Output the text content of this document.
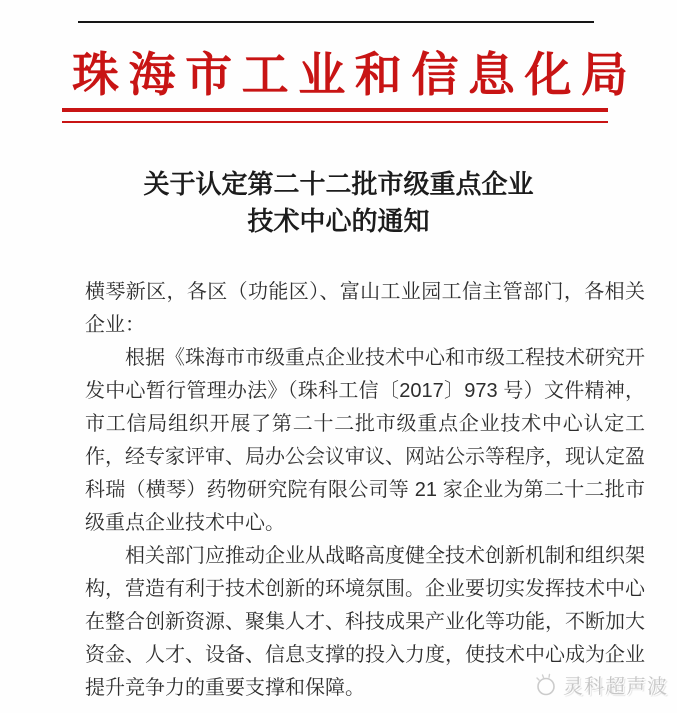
珠海市工业和信息化局
关于认定第二十二批市级重点企业
技术中心的通知

横琴新区，各区（功能区）、富山工业园工信主管部门，各相关企业：

根据《珠海市市级重点企业技术中心和市级工程技术研究开发中心暂行管理办法》（珠科工信〔2017〕973 号）文件精神，市工信局组织开展了第二十二批市级重点企业技术中心认定工作，经专家评审、局办公会议审议、网站公示等程序，现认定盈科瑞（横琴）药物研究院有限公司等 21 家企业为第二十二批市级重点企业技术中心。

相关部门应推动企业从战略高度健全技术创新机制和组织架构，营造有利于技术创新的环境氛围。企业要切实发挥技术中心在整合创新资源、聚集人才、科技成果产业化等功能，不断加大资金、人才、设备、信息支撑的投入力度，使技术中心成为企业提升竞争力的重要支撑和保障。	灵科超声波
